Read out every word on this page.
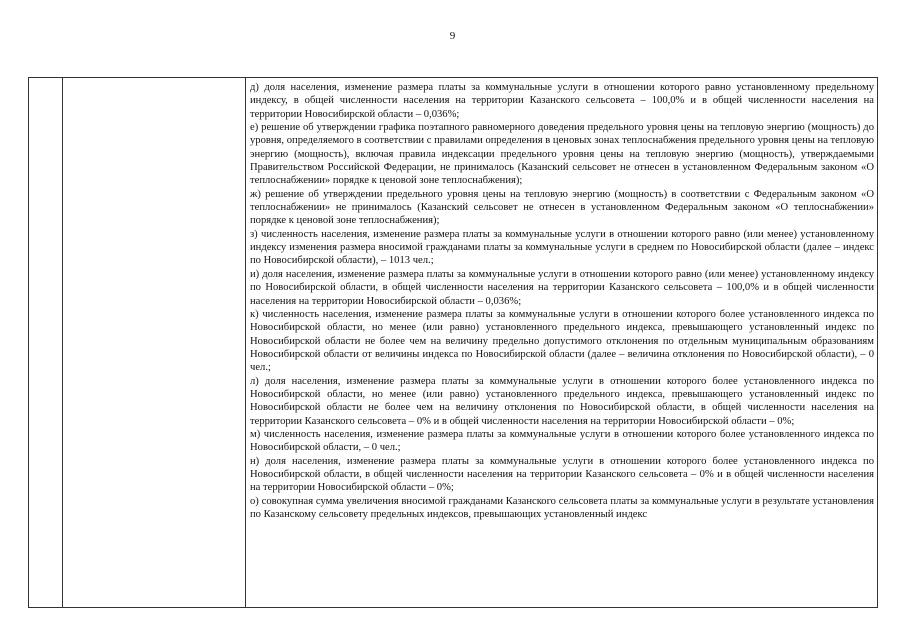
9

д) доля населения, изменение размера платы за коммунальные услуги в отношении которого равно установленному предельному индексу, в общей численности населения на территории Казанского сельсовета – 100,0% и в общей численности населения на территории Новосибирской области – 0,036%;

е) решение об утверждении графика поэтапного равномерного доведения предельного уровня цены на тепловую энергию (мощность) до уровня, определяемого в соответствии с правилами определения в ценовых зонах теплоснабжения предельного уровня цены на тепловую энергию (мощность), включая правила индексации предельного уровня цены на тепловую энергию (мощность), утверждаемыми Правительством Российской Федерации, не принималось (Казанский сельсовет не отнесен в установленном Федеральным законом «О теплоснабжении» порядке к ценовой зоне теплоснабжения);

ж) решение об утверждении предельного уровня цены на тепловую энергию (мощность) в соответствии с Федеральным законом «О теплоснабжении» не принималось (Казанский сельсовет не отнесен в установленном Федеральным законом «О теплоснабжении» порядке к ценовой зоне теплоснабжения);

з) численность населения, изменение размера платы за коммунальные услуги в отношении которого равно (или менее) установленному индексу изменения размера вносимой гражданами платы за коммунальные услуги в среднем по Новосибирской области (далее – индекс по Новосибирской области), – 1013 чел.;

и) доля населения, изменение размера платы за коммунальные услуги в отношении которого равно (или менее) установленному индексу по Новосибирской области, в общей численности населения на территории Казанского сельсовета – 100,0% и в общей численности населения на территории Новосибирской области – 0,036%;

к) численность населения, изменение размера платы за коммунальные услуги в отношении которого более установленного индекса по Новосибирской области, но менее (или равно) установленного предельного индекса, превышающего установленный индекс по Новосибирской области не более чем на величину предельно допустимого отклонения по отдельным муниципальным образованиям Новосибирской области от величины индекса по Новосибирской области (далее – величина отклонения по Новосибирской области), – 0 чел.;

л) доля населения, изменение размера платы за коммунальные услуги в отношении которого более установленного индекса по Новосибирской области, но менее (или равно) установленного предельного индекса, превышающего установленный индекс по Новосибирской области не более чем на величину отклонения по Новосибирской области, в общей численности населения на территории Казанского сельсовета – 0% и в общей численности населения на территории Новосибирской области – 0%;

м) численность населения, изменение размера платы за коммунальные услуги в отношении которого более установленного индекса по Новосибирской области, – 0 чел.;

н) доля населения, изменение размера платы за коммунальные услуги в отношении которого более установленного индекса по Новосибирской области, в общей численности населения на территории Казанского сельсовета – 0% и в общей численности населения на территории Новосибирской области – 0%;

о) совокупная сумма увеличения вносимой гражданами Казанского сельсовета платы за коммунальные услуги в результате установления по Казанскому сельсовету предельных индексов, превышающих установленный индекс
